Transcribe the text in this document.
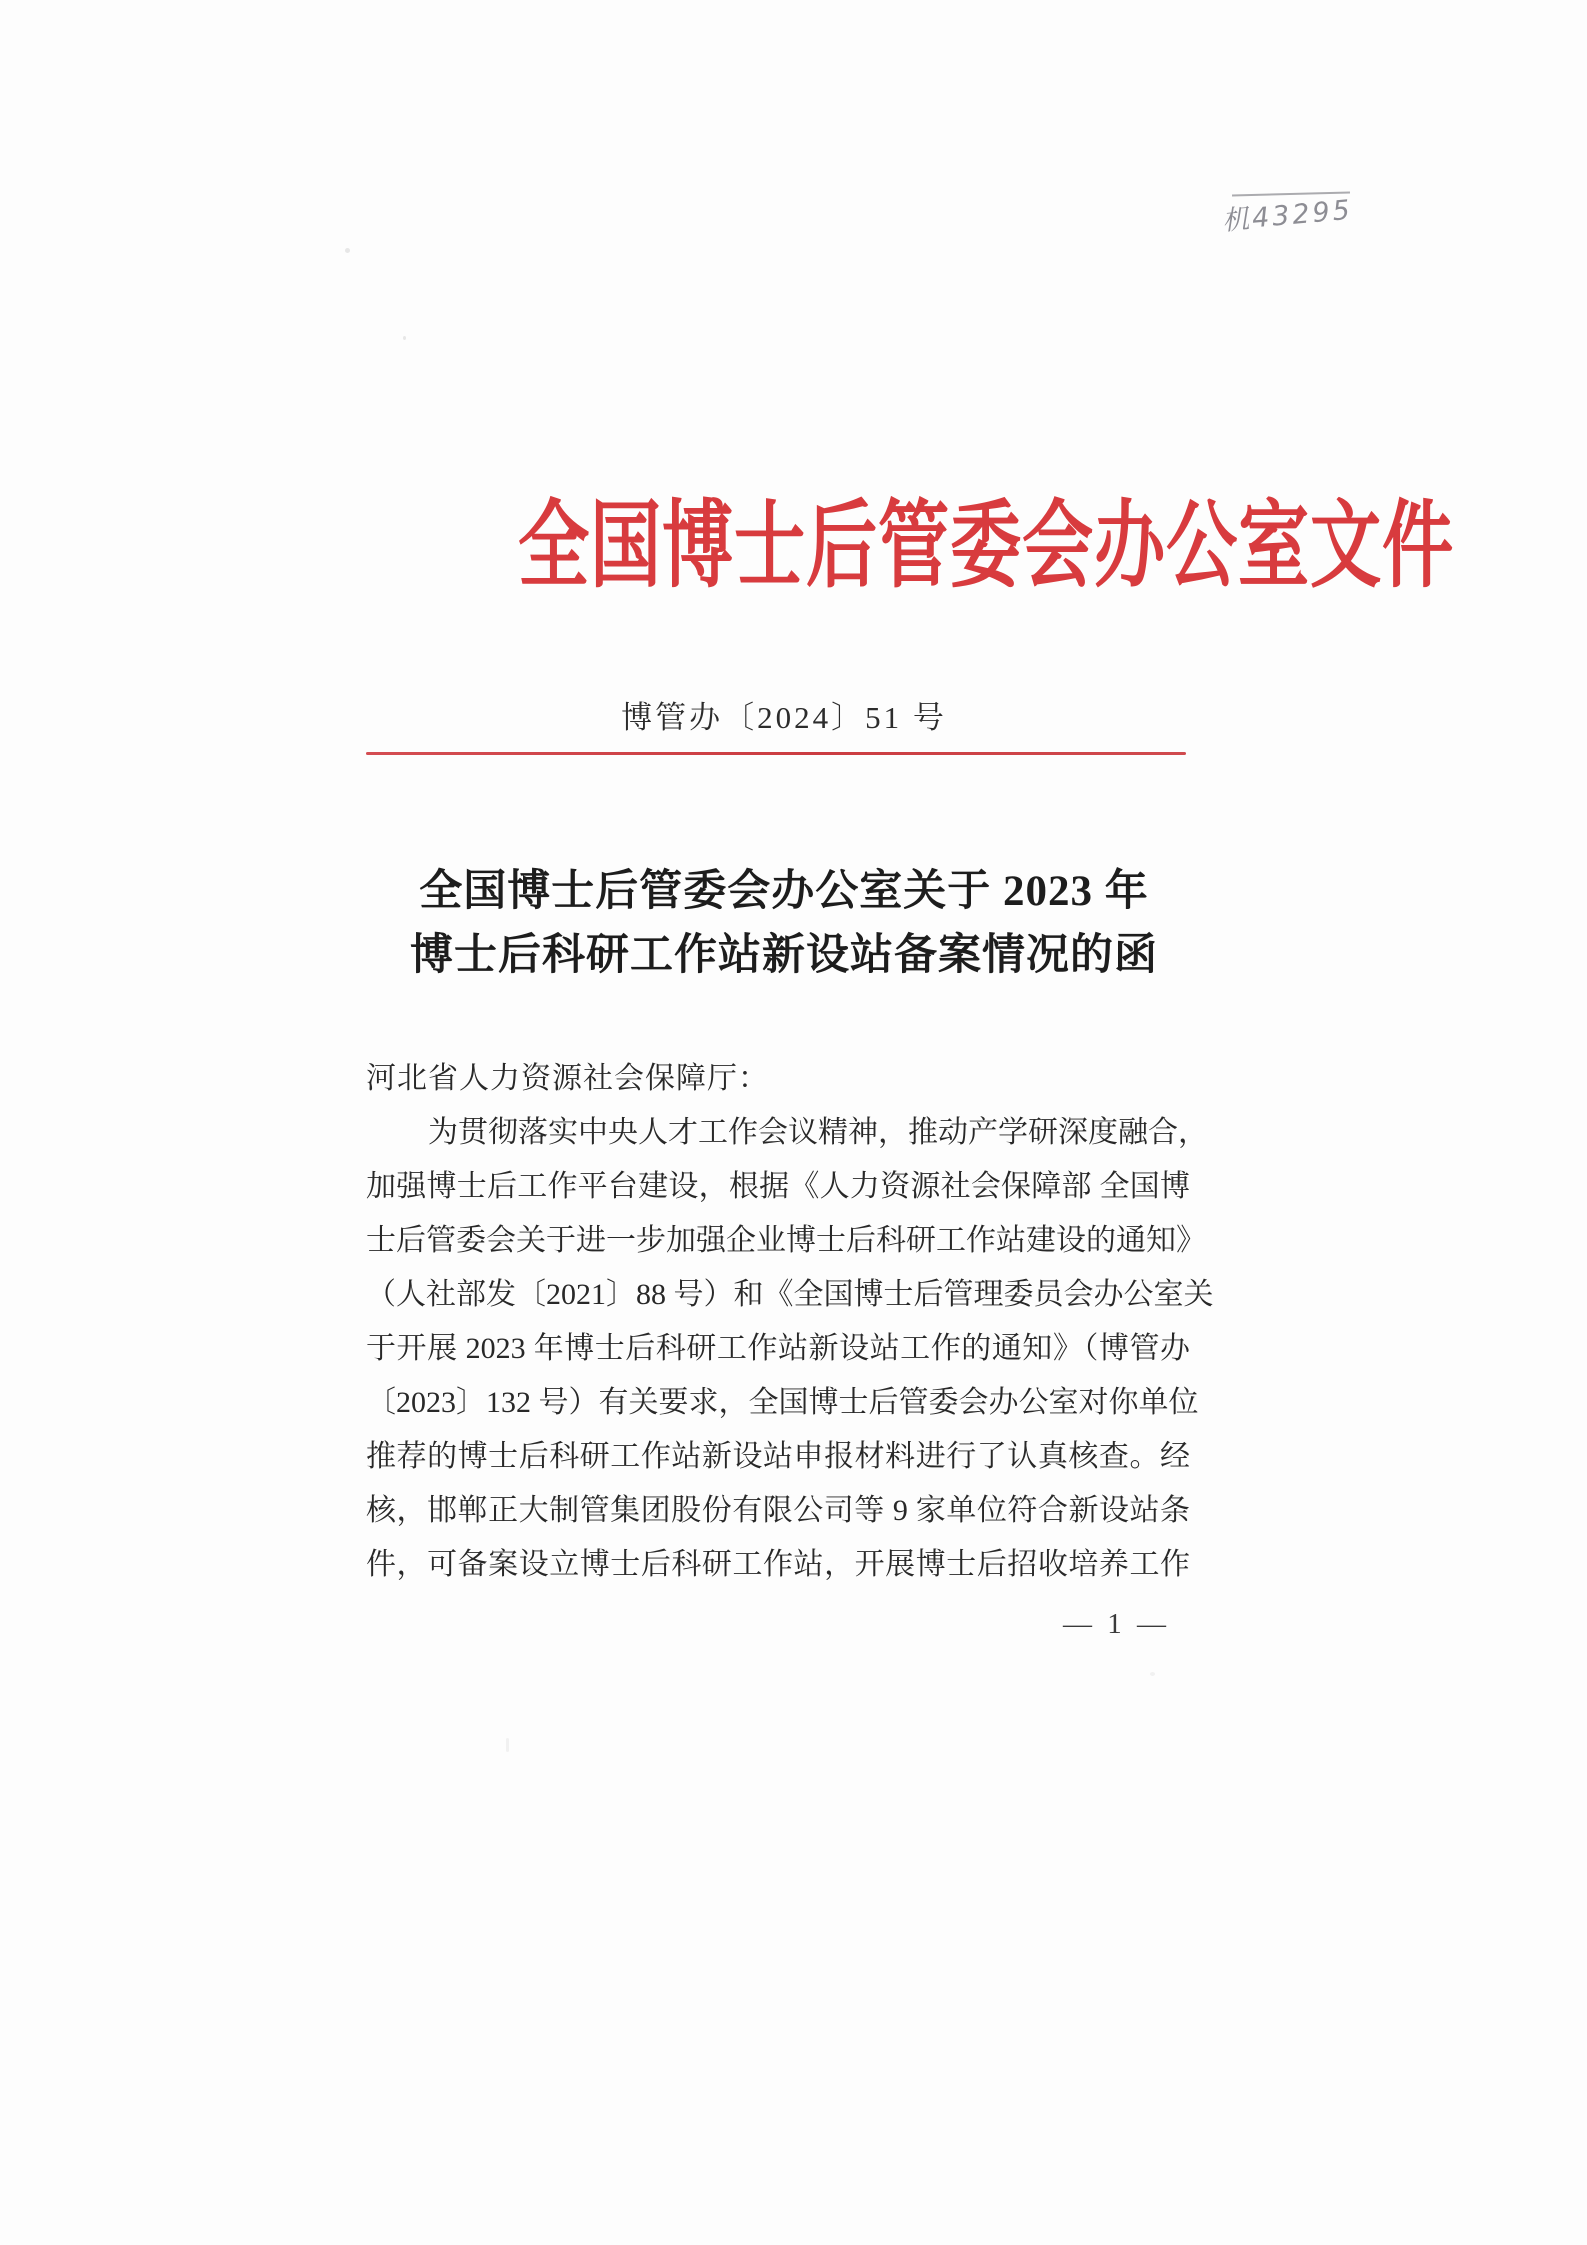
机43295
全国博士后管委会办公室文件
博管办〔2024〕51 号
全国博士后管委会办公室关于 2023 年
博士后科研工作站新设站备案情况的函
河北省人力资源社会保障厅：
为贯彻落实中央人才工作会议精神，推动产学研深度融合，
加强博士后工作平台建设，根据《人力资源社会保障部 全国博
士后管委会关于进一步加强企业博士后科研工作站建设的通知》
（人社部发〔2021〕88 号）和《全国博士后管理委员会办公室关
于开展 2023 年博士后科研工作站新设站工作的通知》（博管办
〔2023〕132 号）有关要求，全国博士后管委会办公室对你单位
推荐的博士后科研工作站新设站申报材料进行了认真核查。经
核，邯郸正大制管集团股份有限公司等 9 家单位符合新设站条
件，可备案设立博士后科研工作站，开展博士后招收培养工作
— 1 —
